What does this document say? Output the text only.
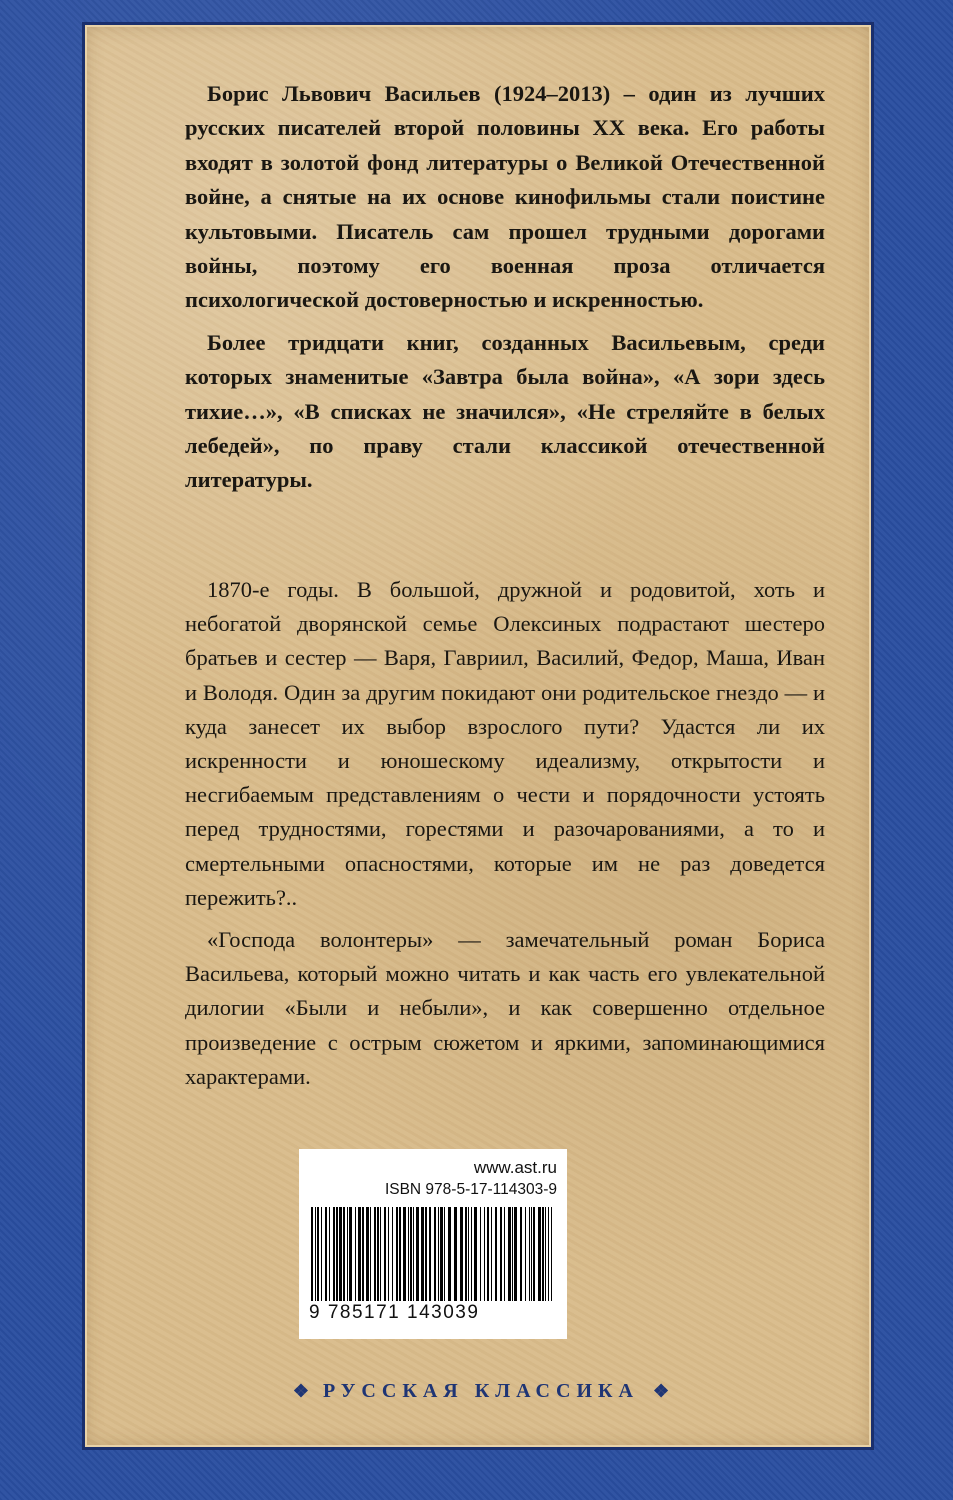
Борис Львович Васильев (1924–2013) – один из лучших русских писателей второй половины XX века. Его работы входят в золотой фонд литературы о Великой Отечественной войне, а снятые на их основе кинофильмы стали поистине культовыми. Писатель сам прошел трудными дорогами войны, поэтому его военная проза отличается психологической достоверностью и искренностью.

Более тридцати книг, созданных Васильевым, среди которых знаменитые «Завтра была война», «А зори здесь тихие…», «В списках не значился», «Не стреляйте в белых лебедей», по праву стали классикой отечественной литературы.

1870-е годы. В большой, дружной и родовитой, хоть и небогатой дворянской семье Олексиных подрастают шестеро братьев и сестер — Варя, Гавриил, Василий, Федор, Маша, Иван и Володя. Один за другим покидают они родительское гнездо — и куда занесет их выбор взрослого пути? Удастся ли их искренности и юношескому идеализму, открытости и несгибаемым представлениям о чести и порядочности устоять перед трудностями, горестями и разочарованиями, а то и смертельными опасностями, которые им не раз доведется пережить?..

«Господа волонтеры» — замечательный роман Бориса Васильева, который можно читать и как часть его увлекательной дилогии «Были и небыли», и как совершенно отдельное произведение с острым сюжетом и яркими, запоминающимися характерами.

www.ast.ru
ISBN 978-5-17-114303-9
9 785171 143039
❖ РУССКАЯ КЛАССИКА ❖
